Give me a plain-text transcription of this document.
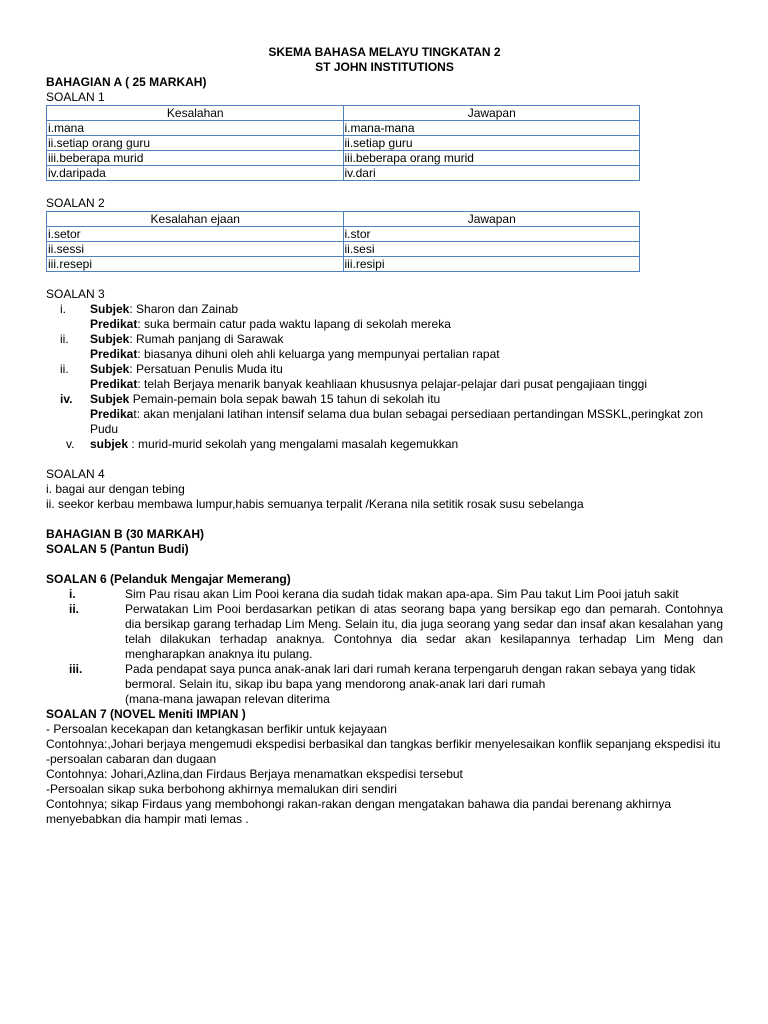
SKEMA BAHASA MELAYU TINGKATAN 2
ST JOHN INSTITUTIONS
BAHAGIAN A ( 25 MARKAH)
SOALAN 1
Kesalahan	Jawapan
i.mana	i.mana-mana
ii.setiap orang guru	ii.setiap guru
iii.beberapa murid	iii.beberapa orang murid
iv.daripada	iv.dari
SOALAN 2
Kesalahan ejaan	Jawapan
i.setor	i.stor
ii.sessi	ii.sesi
iii.resepi	iii.resipi
SOALAN 3
i.	Subjek: Sharon dan Zainab
Predikat: suka bermain catur pada waktu lapang di sekolah mereka
ii.	Subjek: Rumah panjang di Sarawak
Predikat: biasanya dihuni oleh ahli keluarga yang mempunyai pertalian rapat
ii.	Subjek: Persatuan Penulis Muda itu
Predikat: telah Berjaya menarik banyak keahliaan khususnya pelajar-pelajar dari pusat pengajiaan tinggi
iv.	Subjek Pemain-pemain bola sepak bawah 15 tahun di sekolah itu
Predikat: akan menjalani latihan intensif selama dua bulan sebagai persediaan pertandingan MSSKL,peringkat zon Pudu
v.	subjek : murid-murid sekolah yang mengalami masalah kegemukkan
SOALAN 4
i. bagai aur dengan tebing
ii. seekor kerbau membawa lumpur,habis semuanya terpalit /Kerana nila setitik rosak susu sebelanga
BAHAGIAN B (30 MARKAH)
SOALAN 5 (Pantun Budi)
SOALAN 6 (Pelanduk Mengajar Memerang)
i.	Sim Pau risau akan Lim Pooi kerana dia sudah tidak makan apa-apa. Sim Pau takut Lim Pooi jatuh sakit
ii.	Perwatakan Lim Pooi berdasarkan petikan di atas seorang bapa yang bersikap ego dan pemarah. Contohnya dia bersikap garang terhadap Lim Meng. Selain itu, dia juga seorang yang sedar dan insaf akan kesalahan yang telah dilakukan terhadap anaknya. Contohnya dia sedar akan kesilapannya terhadap Lim Meng dan mengharapkan anaknya itu pulang.
iii.	Pada pendapat saya punca anak-anak lari dari rumah kerana terpengaruh dengan rakan sebaya yang tidak bermoral. Selain itu, sikap ibu bapa yang mendorong anak-anak lari dari rumah
(mana-mana jawapan relevan diterima
SOALAN 7 (NOVEL Meniti IMPIAN )
- Persoalan kecekapan dan ketangkasan berfikir untuk kejayaan
Contohnya:,Johari berjaya mengemudi ekspedisi berbasikal dan tangkas berfikir menyelesaikan konflik sepanjang ekspedisi itu
-persoalan cabaran dan dugaan
Contohnya: Johari,Azlina,dan Firdaus Berjaya menamatkan ekspedisi tersebut
-Persoalan sikap suka berbohong akhirnya memalukan diri sendiri
Contohnya; sikap Firdaus yang membohongi rakan-rakan dengan mengatakan bahawa dia pandai berenang akhirnya menyebabkan dia hampir mati lemas .
